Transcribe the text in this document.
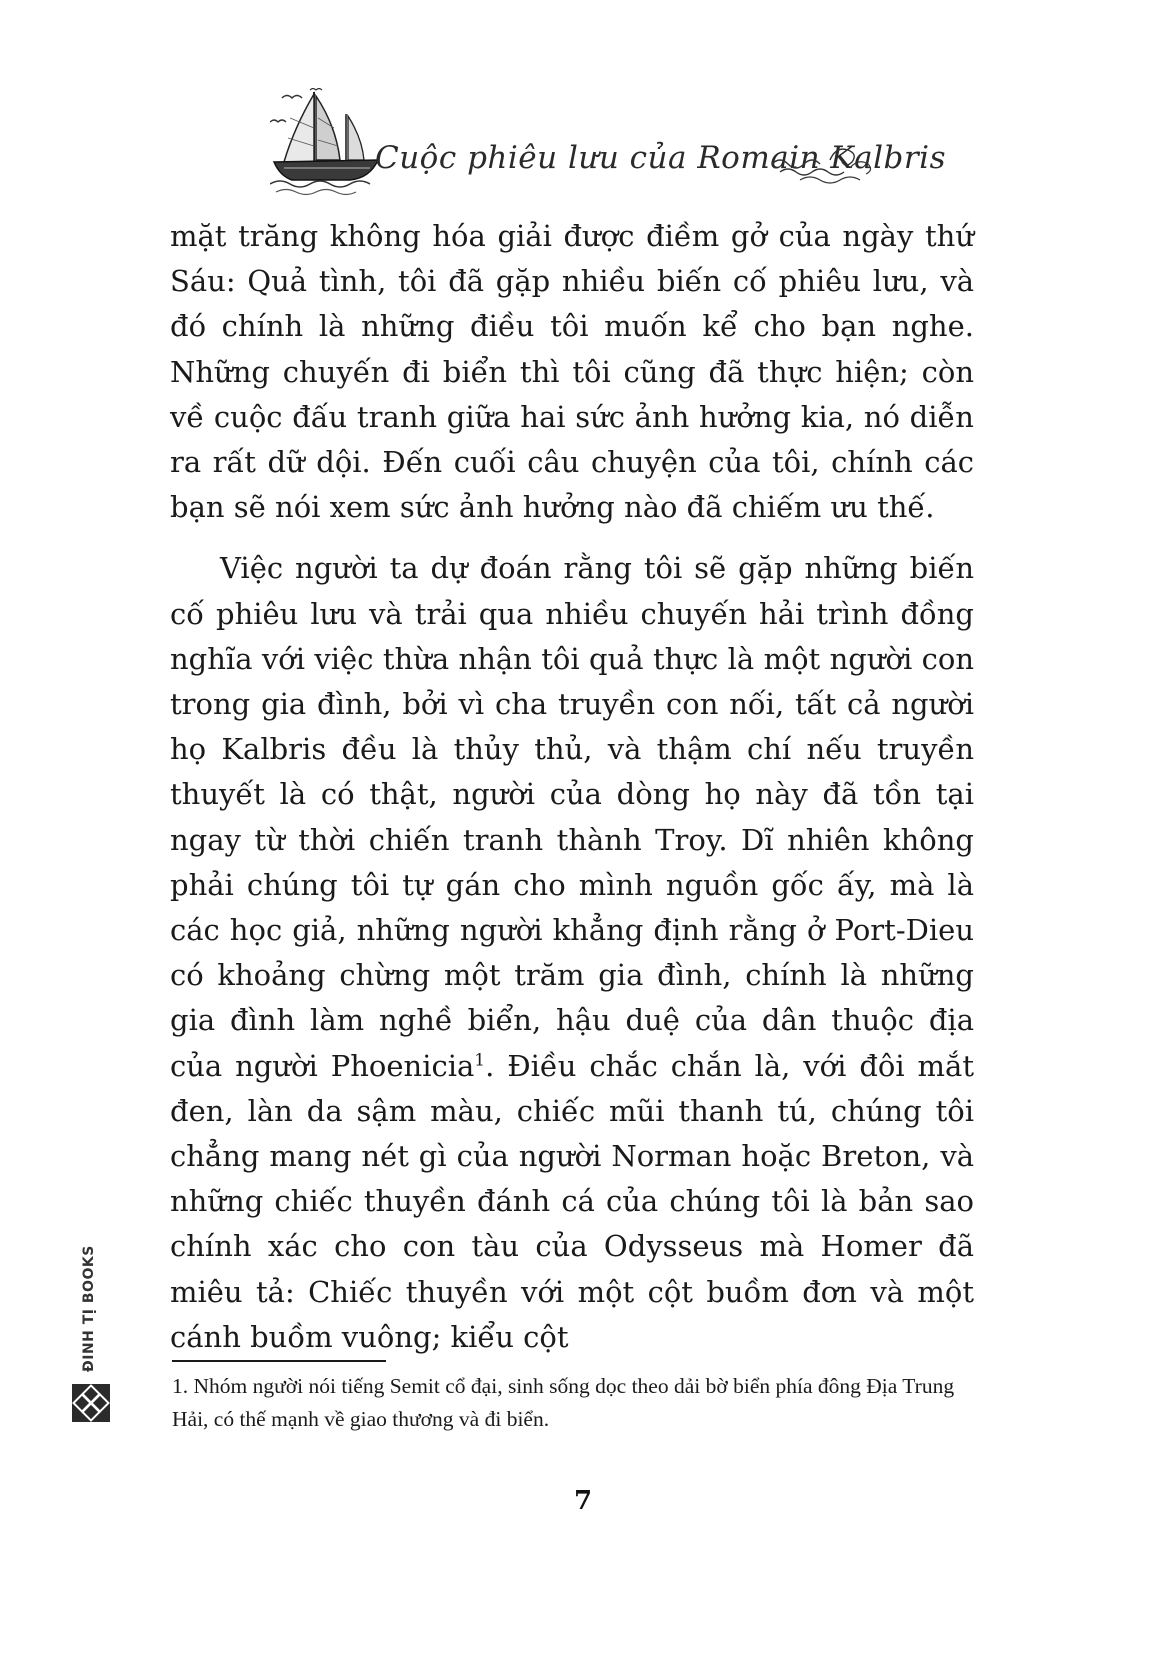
Cuộc phiêu lưu của Romain Kalbris

mặt trăng không hóa giải được điềm gở của ngày thứ Sáu: Quả tình, tôi đã gặp nhiều biến cố phiêu lưu, và đó chính là những điều tôi muốn kể cho bạn nghe. Những chuyến đi biển thì tôi cũng đã thực hiện; còn về cuộc đấu tranh giữa hai sức ảnh hưởng kia, nó diễn ra rất dữ dội. Đến cuối câu chuyện của tôi, chính các bạn sẽ nói xem sức ảnh hưởng nào đã chiếm ưu thế.

Việc người ta dự đoán rằng tôi sẽ gặp những biến cố phiêu lưu và trải qua nhiều chuyến hải trình đồng nghĩa với việc thừa nhận tôi quả thực là một người con trong gia đình, bởi vì cha truyền con nối, tất cả người họ Kalbris đều là thủy thủ, và thậm chí nếu truyền thuyết là có thật, người của dòng họ này đã tồn tại ngay từ thời chiến tranh thành Troy. Dĩ nhiên không phải chúng tôi tự gán cho mình nguồn gốc ấy, mà là các học giả, những người khẳng định rằng ở Port-Dieu có khoảng chừng một trăm gia đình, chính là những gia đình làm nghề biển, hậu duệ của dân thuộc địa của người Phoenicia$^1$. Điều chắc chắn là, với đôi mắt đen, làn da sậm màu, chiếc mũi thanh tú, chúng tôi chẳng mang nét gì của người Norman hoặc Breton, và những chiếc thuyền đánh cá của chúng tôi là bản sao chính xác cho con tàu của Odysseus mà Homer đã miêu tả: Chiếc thuyền với một cột buồm đơn và một cánh buồm vuông; kiểu cột

1. Nhóm người nói tiếng Semit cổ đại, sinh sống dọc theo dải bờ biển phía đông Địa Trung Hải, có thế mạnh về giao thương và đi biển.

7
ĐINH TỊ BOOKS
